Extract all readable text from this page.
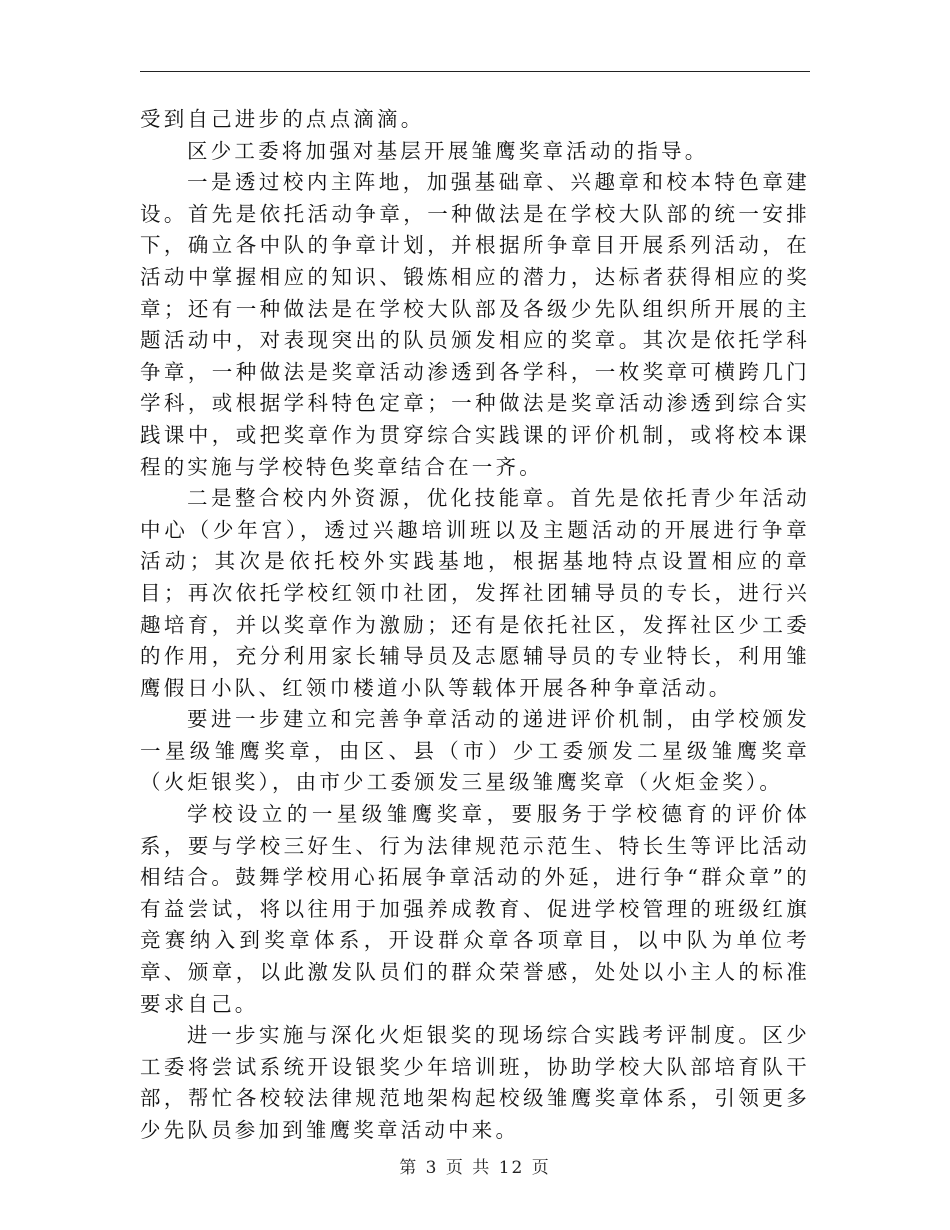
受到自己进步的点点滴滴。

区少工委将加强对基层开展雏鹰奖章活动的指导。

一是透过校内主阵地，加强基础章、兴趣章和校本特色章建设。首先是依托活动争章，一种做法是在学校大队部的统一安排下，确立各中队的争章计划，并根据所争章目开展系列活动，在活动中掌握相应的知识、锻炼相应的潜力，达标者获得相应的奖章；还有一种做法是在学校大队部及各级少先队组织所开展的主题活动中，对表现突出的队员颁发相应的奖章。其次是依托学科争章，一种做法是奖章活动渗透到各学科，一枚奖章可横跨几门学科，或根据学科特色定章；一种做法是奖章活动渗透到综合实践课中，或把奖章作为贯穿综合实践课的评价机制，或将校本课程的实施与学校特色奖章结合在一齐。

二是整合校内外资源，优化技能章。首先是依托青少年活动中心（少年宫），透过兴趣培训班以及主题活动的开展进行争章活动；其次是依托校外实践基地，根据基地特点设置相应的章目；再次依托学校红领巾社团，发挥社团辅导员的专长，进行兴趣培育，并以奖章作为激励；还有是依托社区，发挥社区少工委的作用，充分利用家长辅导员及志愿辅导员的专业特长，利用雏鹰假日小队、红领巾楼道小队等载体开展各种争章活动。

要进一步建立和完善争章活动的递进评价机制，由学校颁发一星级雏鹰奖章，由区、县（市）少工委颁发二星级雏鹰奖章（火炬银奖），由市少工委颁发三星级雏鹰奖章（火炬金奖）。

学校设立的一星级雏鹰奖章，要服务于学校德育的评价体系，要与学校三好生、行为法律规范示范生、特长生等评比活动相结合。鼓舞学校用心拓展争章活动的外延，进行争“群众章”的有益尝试，将以往用于加强养成教育、促进学校管理的班级红旗竞赛纳入到奖章体系，开设群众章各项章目，以中队为单位考章、颁章，以此激发队员们的群众荣誉感，处处以小主人的标准要求自己。

进一步实施与深化火炬银奖的现场综合实践考评制度。区少工委将尝试系统开设银奖少年培训班，协助学校大队部培育队干部，帮忙各校较法律规范地架构起校级雏鹰奖章体系，引领更多少先队员参加到雏鹰奖章活动中来。

第 3 页 共 12 页
